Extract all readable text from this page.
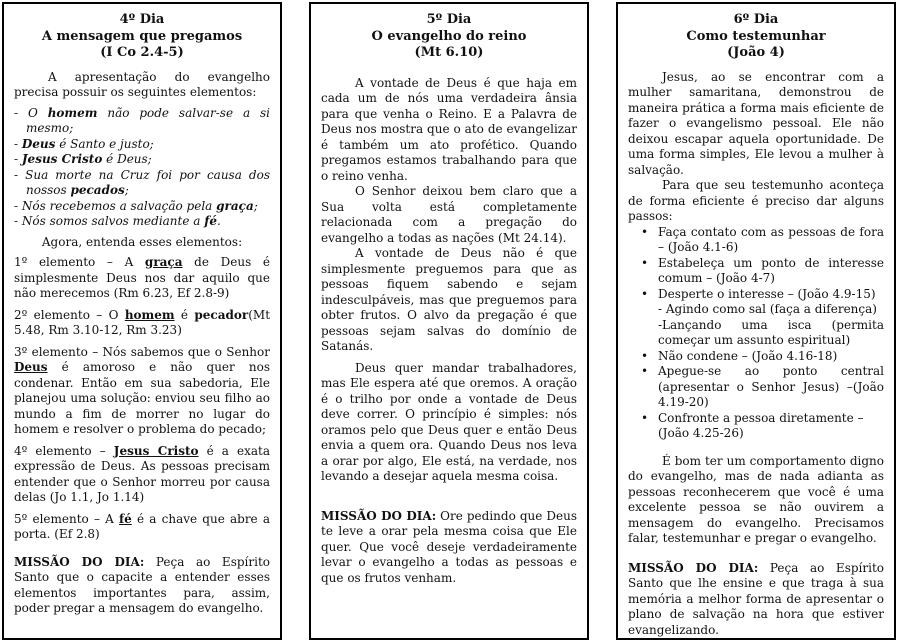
4º Dia
A mensagem que pregamos
(I Co 2.4-5)
A apresentação do evangelho precisa possuir os seguintes elementos:
- O homem não pode salvar-se a si mesmo;
- Deus é Santo e justo;
- Jesus Cristo é Deus;
- Sua morte na Cruz foi por causa dos nossos pecados;
- Nós recebemos a salvação pela graça;
- Nós somos salvos mediante a fé.
Agora, entenda esses elementos:
1º elemento – A graça de Deus é simplesmente Deus nos dar aquilo que não merecemos (Rm 6.23, Ef 2.8-9)
2º elemento – O homem é pecador(Mt 5.48, Rm 3.10-12, Rm 3.23)
3º elemento – Nós sabemos que o Senhor Deus é amoroso e não quer nos condenar. Então em sua sabedoria, Ele planejou uma solução: enviou seu filho ao mundo a fim de morrer no lugar do homem e resolver o problema do pecado;
4º elemento – Jesus Cristo é a exata expressão de Deus. As pessoas precisam entender que o Senhor morreu por causa delas (Jo 1.1, Jo 1.14)
5º elemento – A fé é a chave que abre a porta. (Ef 2.8)
MISSÃO DO DIA: Peça ao Espírito Santo que o capacite a entender esses elementos importantes para, assim, poder pregar a mensagem do evangelho.
5º Dia
O evangelho do reino
(Mt 6.10)
A vontade de Deus é que haja em cada um de nós uma verdadeira ânsia para que venha o Reino. E a Palavra de Deus nos mostra que o ato de evangelizar é também um ato profético. Quando pregamos estamos trabalhando para que o reino venha.
O Senhor deixou bem claro que a Sua volta está completamente relacionada com a pregação do evangelho a todas as nações (Mt 24.14).
A vontade de Deus não é que simplesmente preguemos para que as pessoas fiquem sabendo e sejam indesculpáveis, mas que preguemos para obter frutos. O alvo da pregação é que pessoas sejam salvas do domínio de Satanás.
Deus quer mandar trabalhadores, mas Ele espera até que oremos. A oração é o trilho por onde a vontade de Deus deve correr. O princípio é simples: nós oramos pelo que Deus quer e então Deus envia a quem ora. Quando Deus nos leva a orar por algo, Ele está, na verdade, nos levando a desejar aquela mesma coisa.
MISSÃO DO DIA: Ore pedindo que Deus te leve a orar pela mesma coisa que Ele quer. Que você deseje verdadeiramente levar o evangelho a todas as pessoas e que os frutos venham.
6º Dia
Como testemunhar
(João 4)
Jesus, ao se encontrar com a mulher samaritana, demonstrou de maneira prática a forma mais eficiente de fazer o evangelismo pessoal. Ele não deixou escapar aquela oportunidade. De uma forma simples, Ele levou a mulher à salvação.
Para que seu testemunho aconteça de forma eficiente é preciso dar alguns passos:
• Faça contato com as pessoas de fora – (João 4.1-6)
• Estabeleça um ponto de interesse comum – (João 4-7)
• Desperte o interesse – (João 4.9-15)
- Agindo como sal (faça a diferença)
-Lançando uma isca (permita começar um assunto espiritual)
• Não condene – (João 4.16-18)
• Apegue-se ao ponto central (apresentar o Senhor Jesus) –(João 4.19-20)
• Confronte a pessoa diretamente –
(João 4.25-26)
É bom ter um comportamento digno do evangelho, mas de nada adianta as pessoas reconhecerem que você é uma excelente pessoa se não ouvirem a mensagem do evangelho. Precisamos falar, testemunhar e pregar o evangelho.
MISSÃO DO DIA: Peça ao Espírito Santo que lhe ensine e que traga à sua memória a melhor forma de apresentar o plano de salvação na hora que estiver evangelizando.
